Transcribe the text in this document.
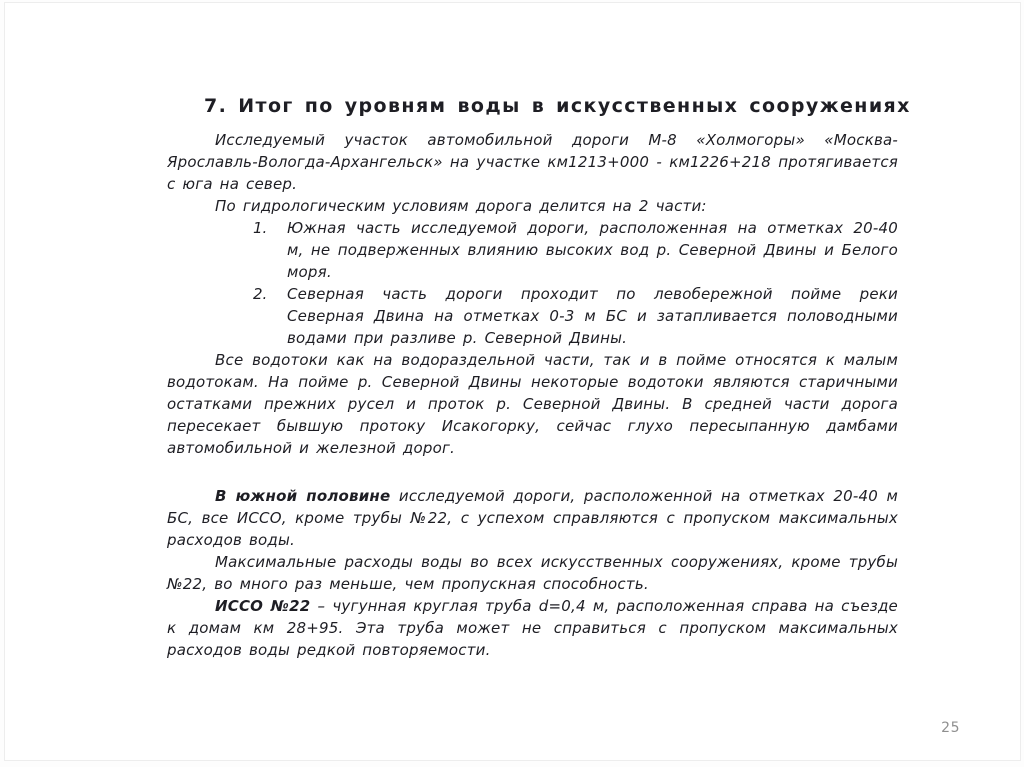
7. Итог по уровням воды в искусственных сооружениях

Исследуемый участок автомобильной дороги М-8 «Холмогоры» «Москва-Ярославль-Вологда-Архангельск» на участке км1213+000 - км1226+218 протягивается с юга на север.

По гидрологическим условиям дорога делится на 2 части:

1.	Южная часть исследуемой дороги, расположенная на отметках 20-40 м, не подверженных влиянию высоких вод р. Северной Двины и Белого моря.
2.	Северная часть дороги проходит по левобережной пойме реки Северная Двина на отметках 0-3 м БС и затапливается половодными водами при разливе р. Северной Двины.

Все водотоки как на водораздельной части, так и в пойме относятся к малым водотокам. На пойме р. Северной Двины некоторые водотоки являются старичными остатками прежних русел и проток р. Северной Двины. В средней части дорога пересекает бывшую протоку Исакогорку, сейчас глухо пересыпанную дамбами автомобильной и железной дорог.

В южной половине исследуемой дороги, расположенной на отметках 20-40 м БС, все ИССО, кроме трубы №22, с успехом справляются с пропуском максимальных расходов воды.

Максимальные расходы воды во всех искусственных сооружениях, кроме трубы №22, во много раз меньше, чем пропускная способность.

ИССО №22 – чугунная круглая труба d=0,4 м, расположенная справа на съезде к домам км 28+95. Эта труба может не справиться с пропуском максимальных расходов воды редкой повторяемости.

25
